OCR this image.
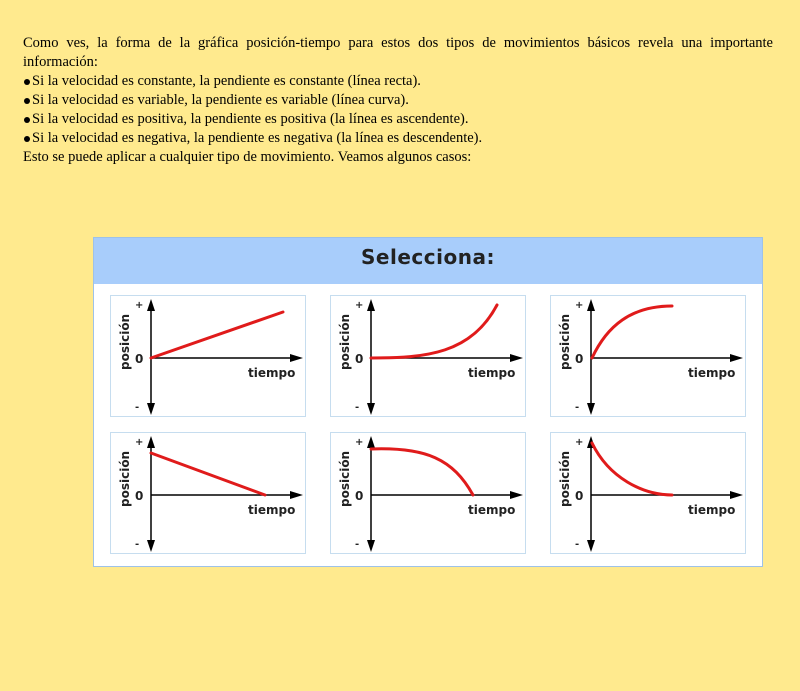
Como ves, la forma de la gráfica posición-tiempo para estos dos tipos de movimientos básicos revela una importante información:

Si la velocidad es constante, la pendiente es constante (línea recta).
Si la velocidad es variable, la pendiente es variable (línea curva).
Si la velocidad es positiva, la pendiente es positiva (la línea es ascendente).
Si la velocidad es negativa, la pendiente es negativa (la línea es descendente).

Esto se puede aplicar a cualquier tipo de movimiento. Veamos algunos casos:

Selecciona:
+
0
-
posición
tiempo
+
0
-
posición
tiempo
+
0
-
posición
tiempo
+
0
-
posición
tiempo
+
0
-
posición
tiempo
+
0
-
posición
tiempo
